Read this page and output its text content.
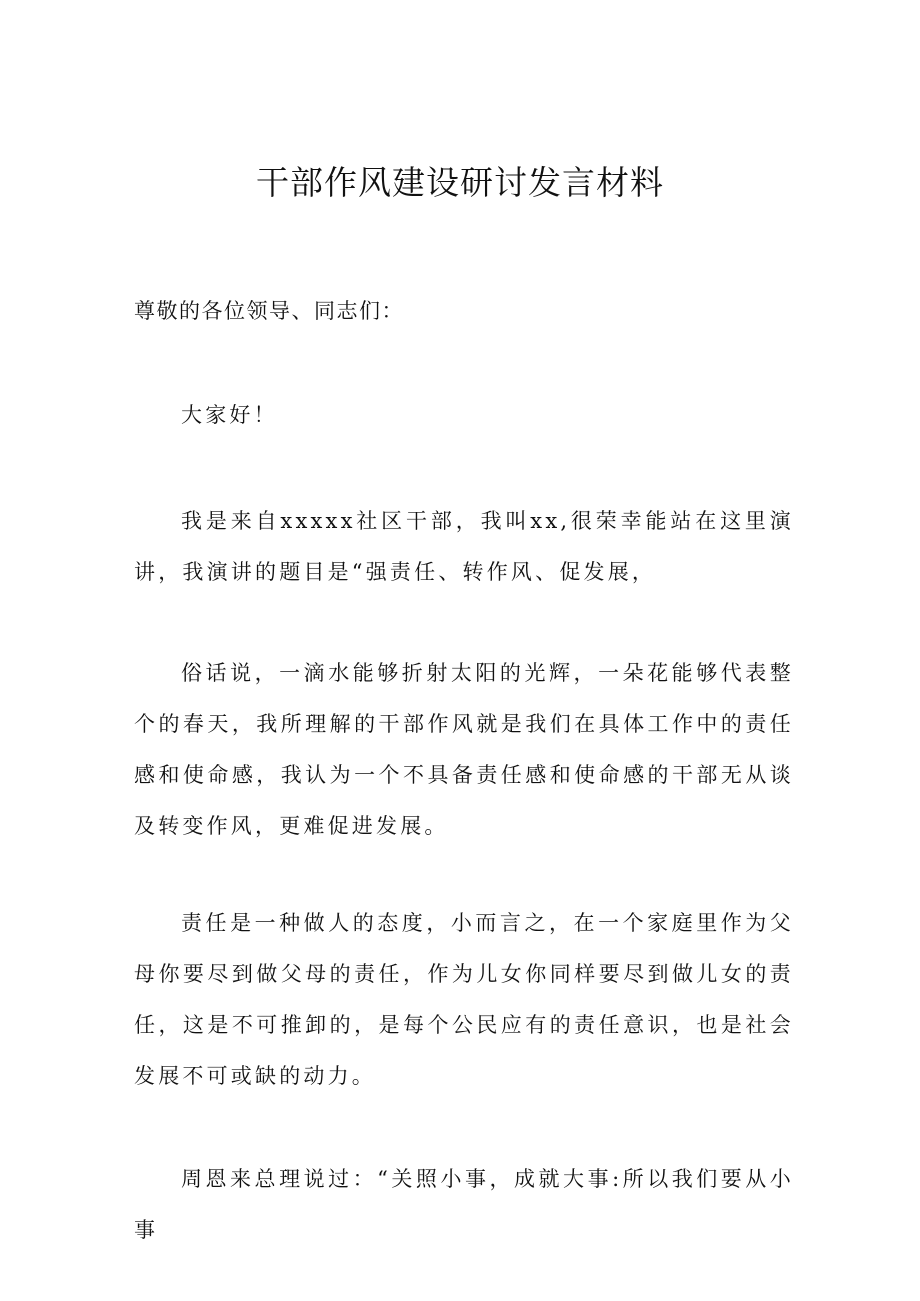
干部作风建设研讨发言材料

尊敬的各位领导、同志们：

大家好！

我是来自xxxxx社区干部，我叫xx,很荣幸能站在这里演讲，我演讲的题目是“强责任、转作风、促发展，

俗话说，一滴水能够折射太阳的光辉，一朵花能够代表整个的春天，我所理解的干部作风就是我们在具体工作中的责任感和使命感，我认为一个不具备责任感和使命感的干部无从谈及转变作风，更难促进发展。

责任是一种做人的态度，小而言之，在一个家庭里作为父母你要尽到做父母的责任，作为儿女你同样要尽到做儿女的责任，这是不可推卸的，是每个公民应有的责任意识，也是社会发展不可或缺的动力。

周恩来总理说过：“关照小事，成就大事:所以我们要从小事
